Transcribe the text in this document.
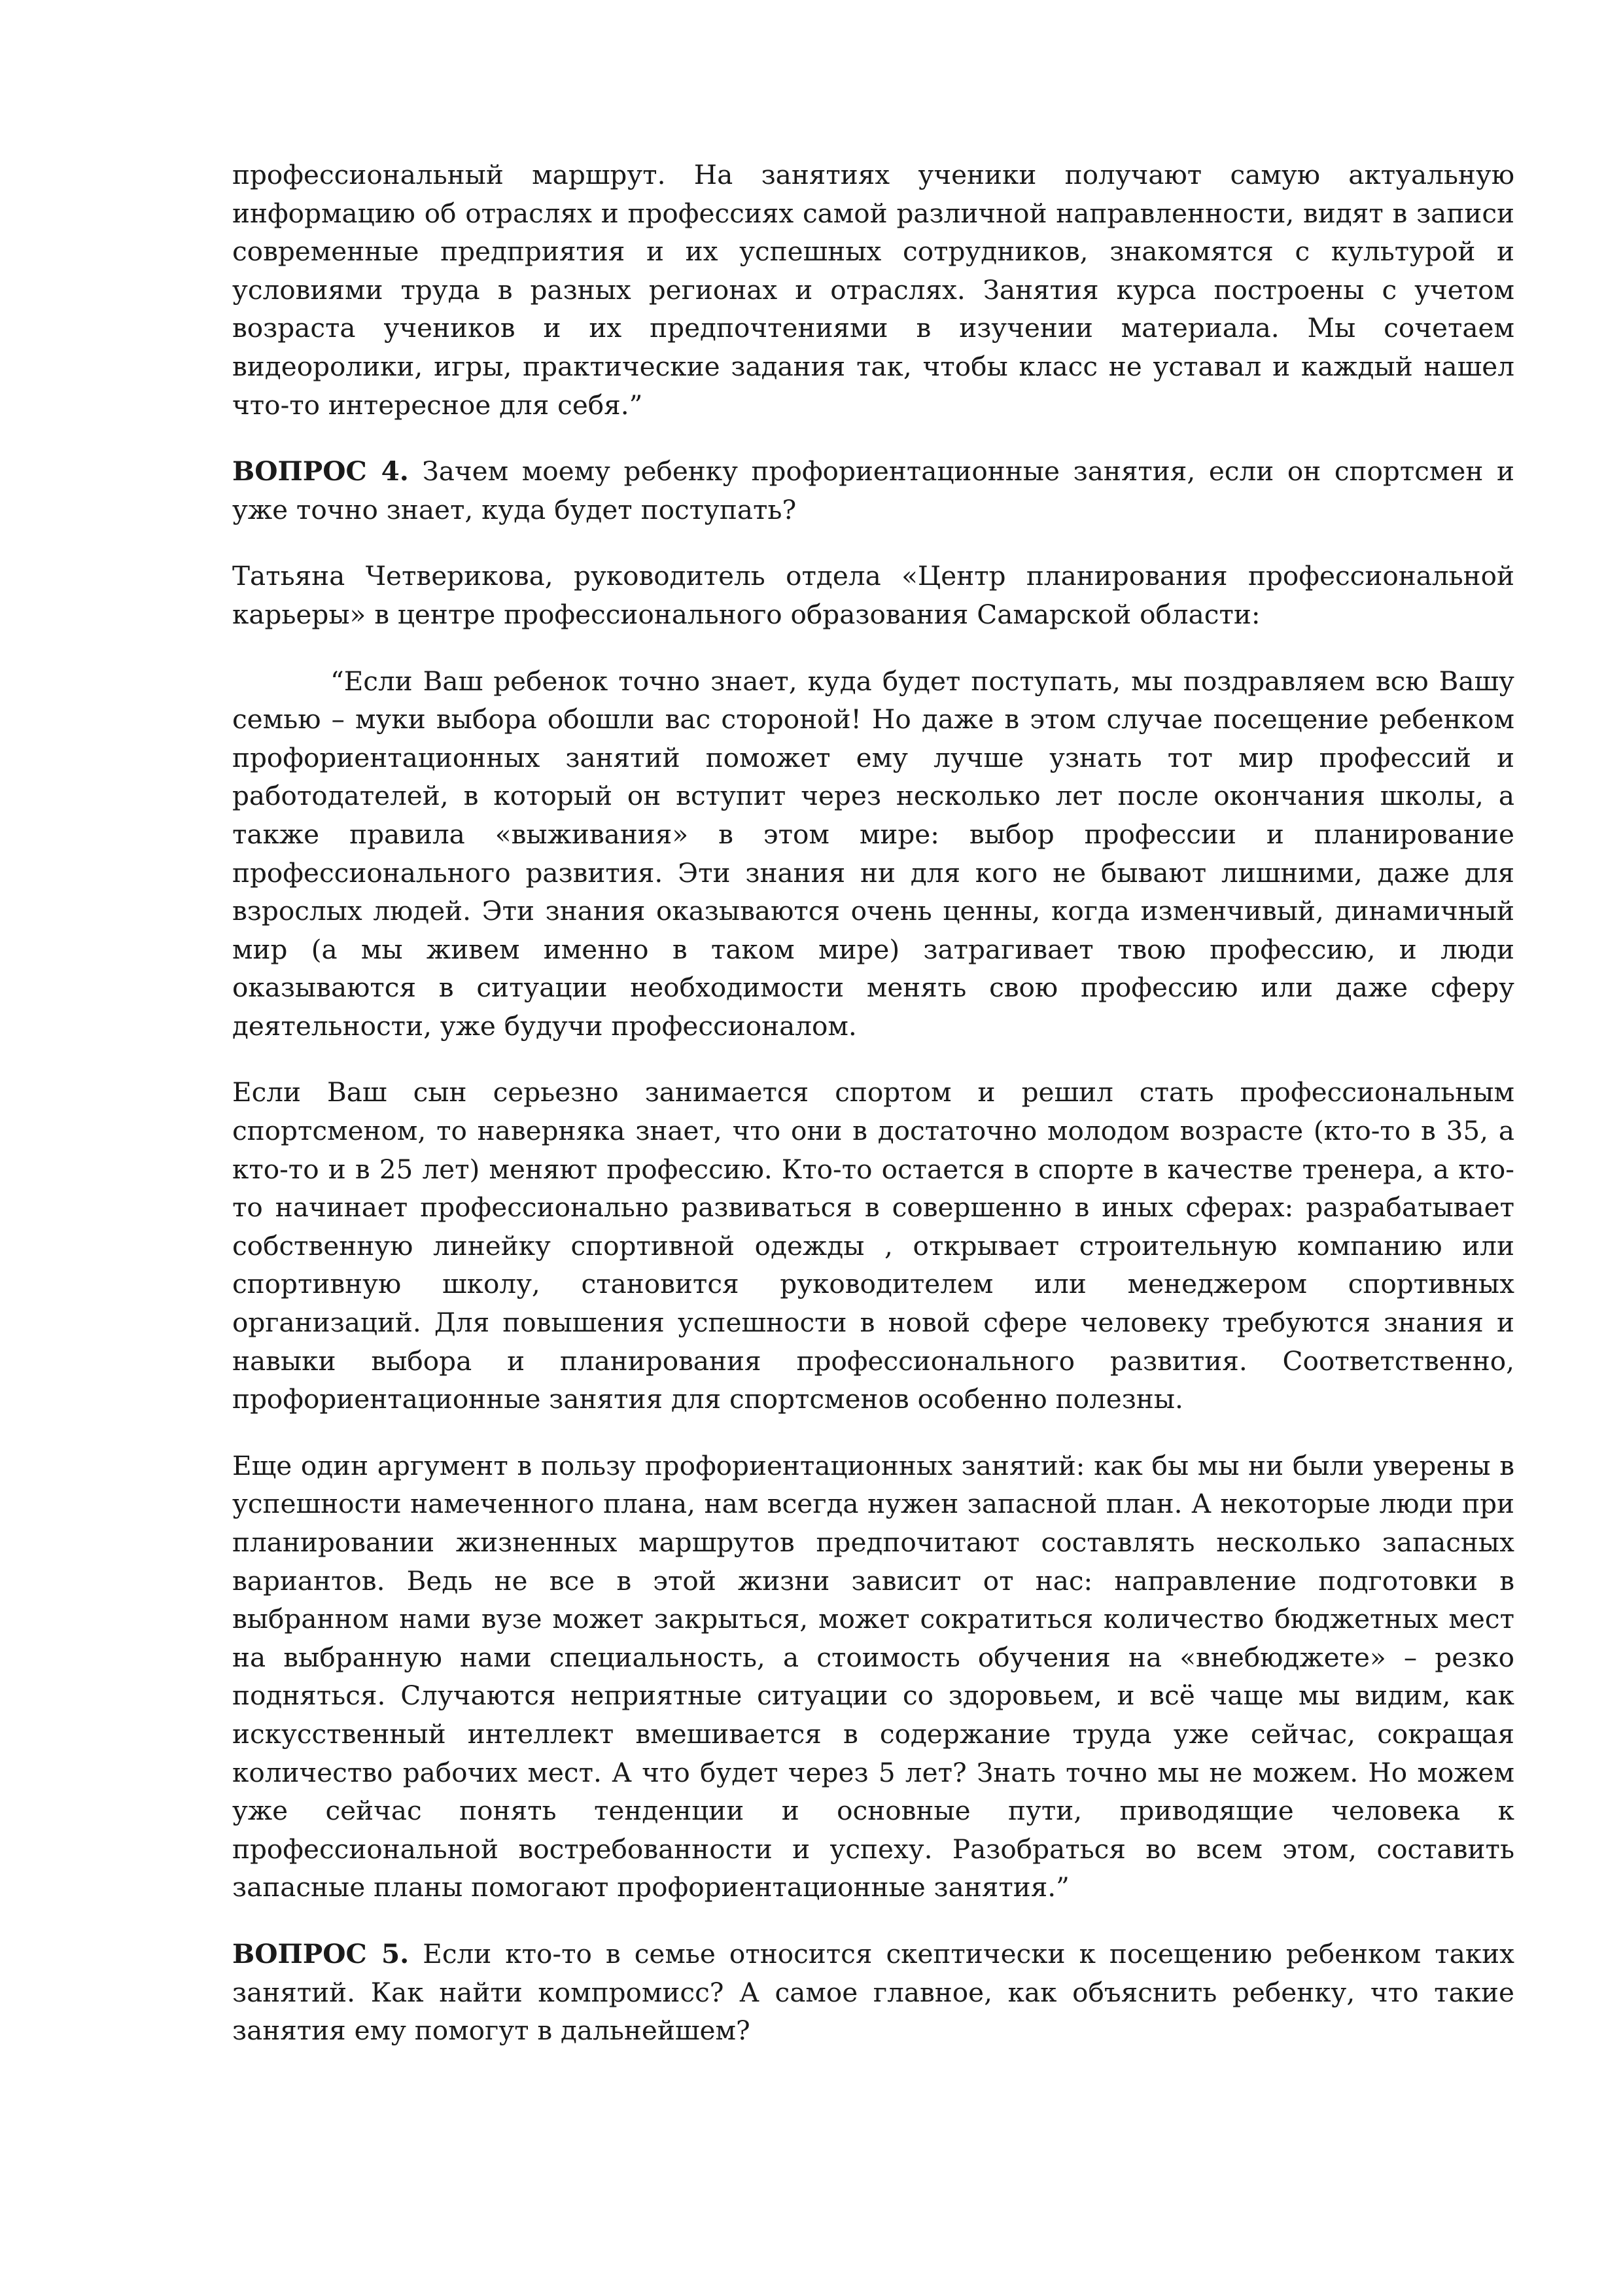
профессиональный маршрут. На занятиях ученики получают самую актуальную информацию об отраслях и профессиях самой различной направленности, видят в записи современные предприятия и их успешных сотрудников, знакомятся с культурой и условиями труда в разных регионах и отраслях. Занятия курса построены с учетом возраста учеников и их предпочтениями в изучении материала. Мы сочетаем видеоролики, игры, практические задания так, чтобы класс не уставал и каждый нашел что-то интересное для себя.”

ВОПРОС 4. Зачем моему ребенку профориентационные занятия, если он спортсмен и уже точно знает, куда будет поступать?

Татьяна Четверикова, руководитель отдела «Центр планирования профессиональной карьеры» в центре профессионального образования Самарской области:

“Если Ваш ребенок точно знает, куда будет поступать, мы поздравляем всю Вашу семью – муки выбора обошли вас стороной! Но даже в этом случае посещение ребенком профориентационных занятий поможет ему лучше узнать тот мир профессий и работодателей, в который он вступит через несколько лет после окончания школы, а также правила «выживания» в этом мире: выбор профессии и планирование профессионального развития. Эти знания ни для кого не бывают лишними, даже для взрослых людей. Эти знания оказываются очень ценны, когда изменчивый, динамичный мир (а мы живем именно в таком мире) затрагивает твою профессию, и люди оказываются в ситуации необходимости менять свою профессию или даже сферу деятельности, уже будучи профессионалом.

Если Ваш сын серьезно занимается спортом и решил стать профессиональным спортсменом, то наверняка знает, что они в достаточно молодом возрасте (кто-то в 35, а кто-то и в 25 лет) меняют профессию. Кто-то остается в спорте в качестве тренера, а кто-то начинает профессионально развиваться в совершенно в иных сферах: разрабатывает собственную линейку спортивной одежды , открывает строительную компанию или спортивную школу, становится руководителем или менеджером спортивных организаций. Для повышения успешности в новой сфере человеку требуются знания и навыки выбора и планирования профессионального развития. Соответственно, профориентационные занятия для спортсменов особенно полезны.

Еще один аргумент в пользу профориентационных занятий: как бы мы ни были уверены в успешности намеченного плана, нам всегда нужен запасной план. А некоторые люди при планировании жизненных маршрутов предпочитают составлять несколько запасных вариантов. Ведь не все в этой жизни зависит от нас: направление подготовки в выбранном нами вузе может закрыться, может сократиться количество бюджетных мест на выбранную нами специальность, а стоимость обучения на «внебюджете» – резко подняться. Случаются неприятные ситуации со здоровьем, и всё чаще мы видим, как искусственный интеллект вмешивается в содержание труда уже сейчас, сокращая количество рабочих мест. А что будет через 5 лет? Знать точно мы не можем. Но можем уже сейчас понять тенденции и основные пути, приводящие человека к профессиональной востребованности и успеху. Разобраться во всем этом, составить запасные планы помогают профориентационные занятия.”

ВОПРОС 5. Если кто-то в семье относится скептически к посещению ребенком таких занятий. Как найти компромисс? А самое главное, как объяснить ребенку, что такие занятия ему помогут в дальнейшем?
